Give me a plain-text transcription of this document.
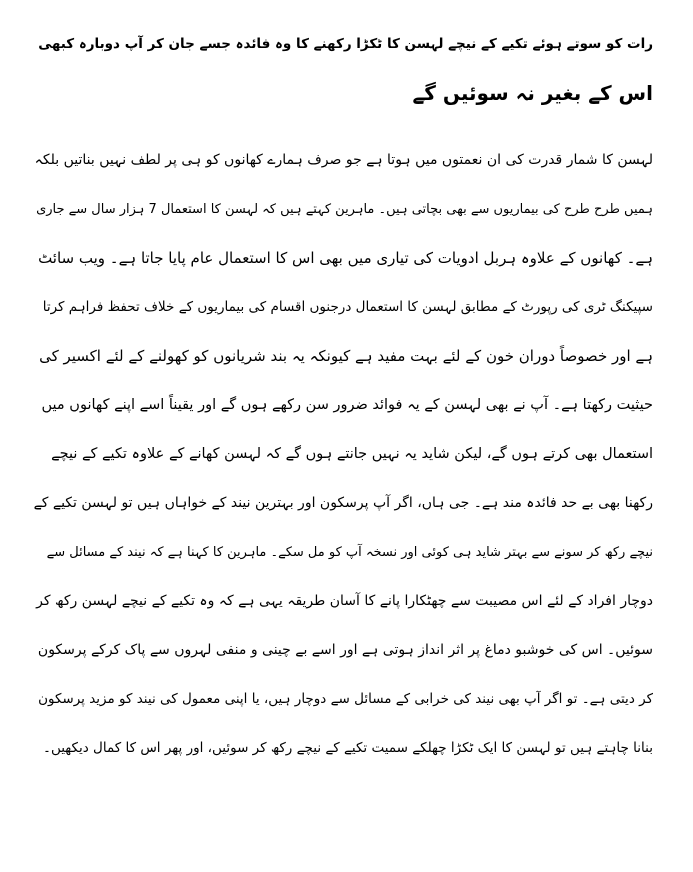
رات کو سوتے ہوئے تکیے کے نیچے لہسن کا ٹکڑا رکھنے کا وہ فائدہ جسے جان کر آپ دوبارہ کبھی
اس کے بغیر نہ سوئیں گے
لہسن کا شمار قدرت کی ان نعمتوں میں ہوتا ہے جو صرف ہمارے کھانوں کو ہی پر لطف نہیں بناتیں بلکہ
ہمیں طرح طرح کی بیماریوں سے بھی بچاتی ہیں۔ ماہرین کہتے ہیں کہ لہسن کا استعمال 7 ہزار سال سے جاری
ہے۔ کھانوں کے علاوہ ہربل ادویات کی تیاری میں بھی اس کا استعمال عام پایا جاتا ہے۔ ویب سائٹ
سپیکنگ ٹری کی رپورٹ کے مطابق لہسن کا استعمال درجنوں اقسام کی بیماریوں کے خلاف تحفظ فراہم کرتا
ہے اور خصوصاً دوران خون کے لئے بہت مفید ہے کیونکہ یہ بند شریانوں کو کھولنے کے لئے اکسیر کی
حیثیت رکھتا ہے۔ آپ نے بھی لہسن کے یہ فوائد ضرور سن رکھے ہوں گے اور یقیناً اسے اپنے کھانوں میں
استعمال بھی کرتے ہوں گے، لیکن شاید یہ نہیں جانتے ہوں گے کہ لہسن کھانے کے علاوہ تکیے کے نیچے
رکھنا بھی بے حد فائدہ مند ہے۔ جی ہاں، اگر آپ پرسکون اور بہترین نیند کے خواہاں ہیں تو لہسن تکیے کے
نیچے رکھ کر سونے سے بہتر شاید ہی کوئی اور نسخہ آپ کو مل سکے۔ ماہرین کا کہنا ہے کہ نیند کے مسائل سے
دوچار افراد کے لئے اس مصیبت سے چھٹکارا پانے کا آسان طریقہ یہی ہے کہ وہ تکیے کے نیچے لہسن رکھ کر
سوئیں۔ اس کی خوشبو دماغ پر اثر انداز ہوتی ہے اور اسے بے چینی و منفی لہروں سے پاک کرکے پرسکون
کر دیتی ہے۔ تو اگر آپ بھی نیند کی خرابی کے مسائل سے دوچار ہیں، یا اپنی معمول کی نیند کو مزید پرسکون
بنانا چاہتے ہیں تو لہسن کا ایک ٹکڑا چھلکے سمیت تکیے کے نیچے رکھ کر سوئیں، اور پھر اس کا کمال دیکھیں۔
